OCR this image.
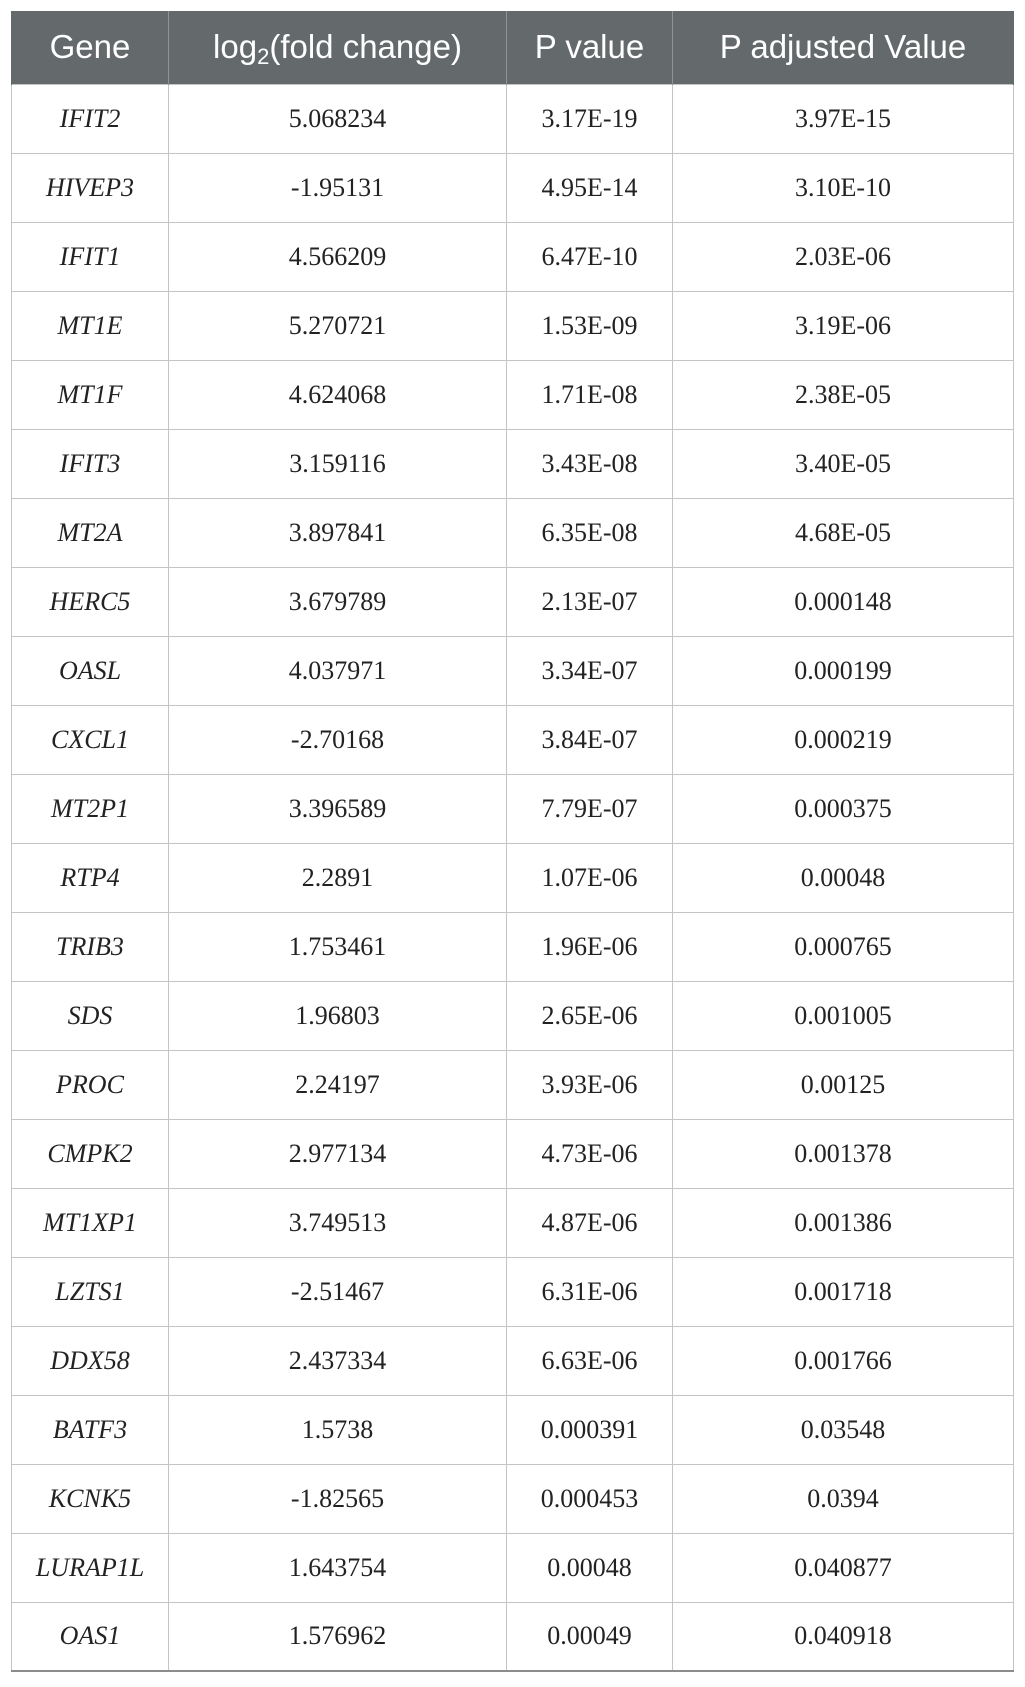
Gene	$\log_2(fold$ change)	P value	P adjusted Value
IFIT2	5.068234	3.17E-19	3.97E-15
HIVEP3	-1.95131	4.95E-14	3.10E-10
IFIT1	4.566209	6.47E-10	2.03E-06
MT1E	5.270721	1.53E-09	3.19E-06
MT1F	4.624068	1.71E-08	2.38E-05
IFIT3	3.159116	3.43E-08	3.40E-05
MT2A	3.897841	6.35E-08	4.68E-05
HERC5	3.679789	2.13E-07	0.000148
OASL	4.037971	3.34E-07	0.000199
CXCL1	-2.70168	3.84E-07	0.000219
MT2P1	3.396589	7.79E-07	0.000375
RTP4	2.2891	1.07E-06	0.00048
TRIB3	1.753461	1.96E-06	0.000765
SDS	1.96803	2.65E-06	0.001005
PROC	2.24197	3.93E-06	0.00125
CMPK2	2.977134	4.73E-06	0.001378
MT1XP1	3.749513	4.87E-06	0.001386
LZTS1	-2.51467	6.31E-06	0.001718
DDX58	2.437334	6.63E-06	0.001766
BATF3	1.5738	0.000391	0.03548
KCNK5	-1.82565	0.000453	0.0394
LURAP1L	1.643754	0.00048	0.040877
OAS1	1.576962	0.00049	0.040918
